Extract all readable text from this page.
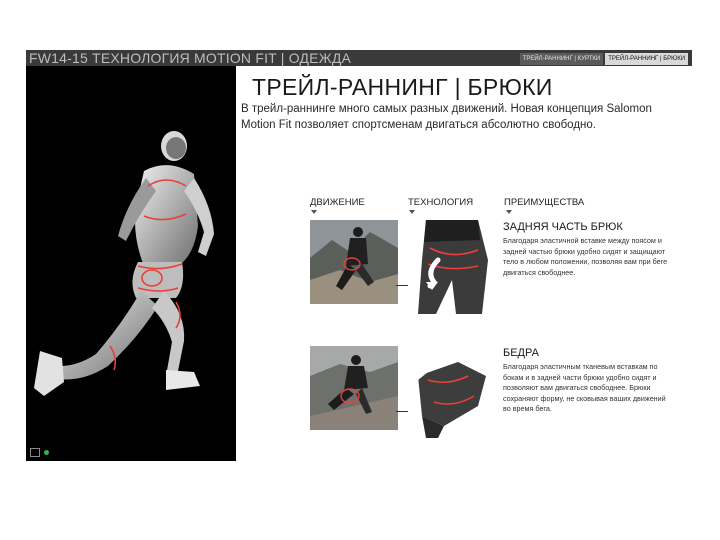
FW14-15 ТЕХНОЛОГИЯ MOTION FIT | ОДЕЖДА	ТРЕЙЛ-РАННИНГ | КУРТКИ	ТРЕЙЛ-РАННИНГ | БРЮКИ
ТРЕЙЛ-РАННИНГ | БРЮКИ
В трейл-раннинге много самых разных движений. Новая концепция Salomon Motion Fit позволяет спортсменам двигаться абсолютно свободно.
ДВИЖЕНИЕ	ТЕХНОЛОГИЯ	ПРЕИМУЩЕСТВА
ЗАДНЯЯ ЧАСТЬ БРЮК
Благодаря эластичной вставке между поясом и задней частью брюки удобно сидят и защищают тело в любом положении, позволяя вам при беге двигаться свободнее.
БЕДРА
Благодаря эластичным тканевым вставкам по бокам и в задней части брюки удобно сидят и позволяют вам двигаться свободнее. Брюки сохраняют форму, не сковывая ваших движений во время бега.
